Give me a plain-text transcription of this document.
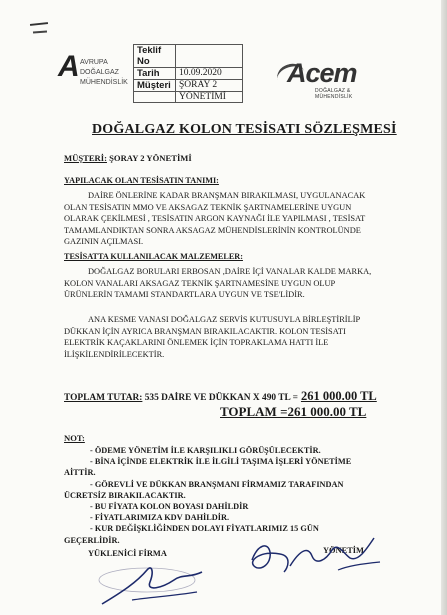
A AVRUPA
DOĞALGAZ
MÜHENDİSLİK
Teklif No	
Tarih	10.09.2020
Müşteri	ŞORAY 2
	YÖNETİMİ
Acem
DOĞALGAZ & MÜHENDİSLİK
DOĞALGAZ KOLON TESİSATI SÖZLEŞMESİ
MÜŞTERİ: ŞORAY 2 YÖNETİMİ
YAPILACAK OLAN TESİSATIN TANIMI:
DAİRE ÖNLERİNE KADAR BRANŞMAN BIRAKILMASI, UYGULANACAK
OLAN TESİSATIN MMO VE AKSAGAZ TEKNİK ŞARTNAMELERİNE UYGUN
OLARAK ÇEKİLMESİ , TESİSATIN ARGON KAYNAĞI İLE YAPILMASI , TESİSAT
TAMAMLANDIKTAN SONRA AKSAGAZ MÜHENDİSLERİNİN KONTROLÜNDE
GAZININ AÇILMASI.
TESİSATTA KULLANILACAK MALZEMELER:
DOĞALGAZ BORULARI ERBOSAN ,DAİRE İÇİ VANALAR KALDE MARKA,
KOLON VANALARI AKSAGAZ TEKNİK ŞARTNAMESİNE UYGUN OLUP
ÜRÜNLERİN TAMAMI STANDARTLARA UYGUN VE TSE'LİDİR.
ANA KESME VANASI DOĞALGAZ SERVİS KUTUSUYLA BİRLEŞTİRİLİP
DÜKKAN İÇİN AYRICA BRANŞMAN BIRAKILACAKTIR. KOLON TESİSATI
ELEKTRİK KAÇAKLARINI ÖNLEMEK İÇİN TOPRAKLAMA HATTI İLE
İLİŞKİLENDİRİLECEKTİR.
TOPLAM TUTAR: 535 DAİRE VE DÜKKAN X 490 TL = 261 000.00 TL
TOPLAM =261 000.00 TL
NOT:
- ÖDEME YÖNETİM İLE KARŞILIKLI GÖRÜŞÜLECEKTİR.
- BİNA İÇİNDE ELEKTRİK İLE İLGİLİ TAŞIMA İŞLERİ YÖNETİME
AİTTİR.
- GÖREVLİ VE DÜKKAN BRANŞMANI FİRMAMIZ TARAFINDAN
ÜCRETSİZ BIRAKILACAKTIR.
- BU FİYATA KOLON BOYASI DAHİLDİR
- FİYATLARIMIZA KDV DAHİLDİR.
- KUR DEĞİŞKLİĞİNDEN DOLAYI FİYATLARIMIZ 15 GÜN
GEÇERLİDİR.
YÜKLENİCİ FİRMA	YÖNETİM
